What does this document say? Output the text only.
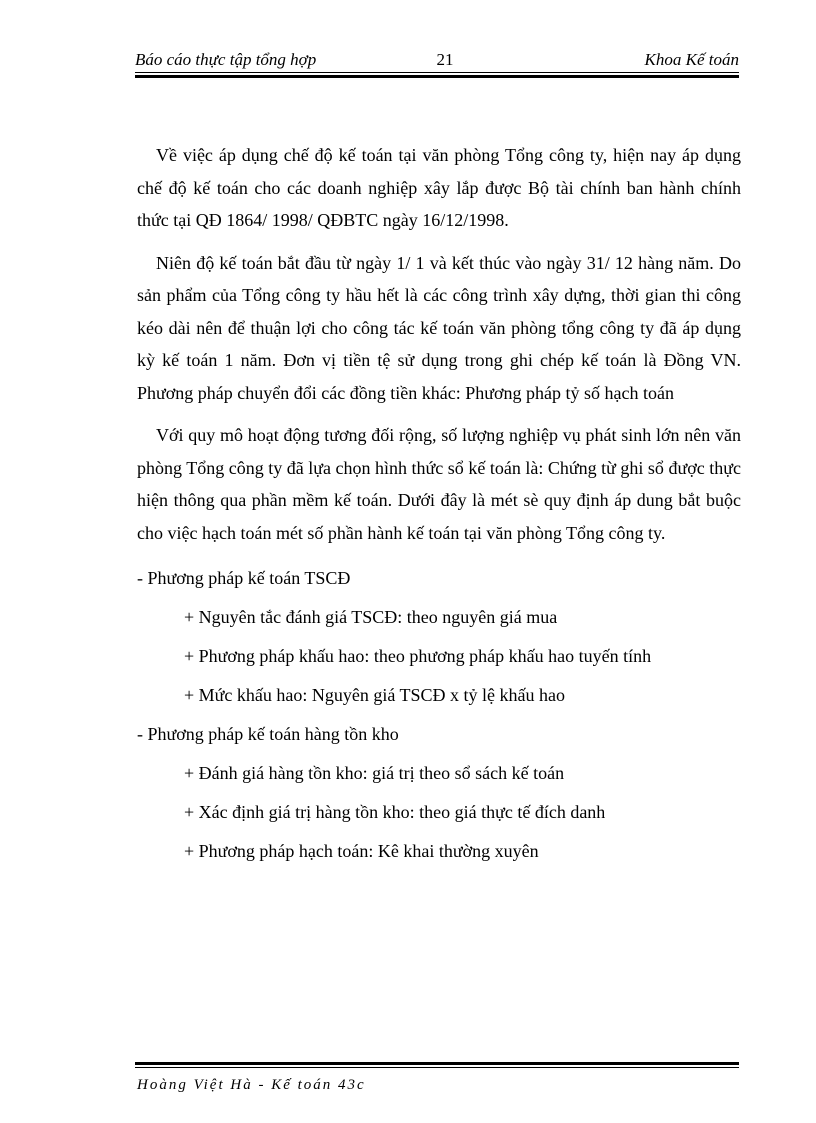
Báo cáo thực tập tổng hợp	21	Khoa Kế toán

Về việc áp dụng chế độ kế toán tại văn phòng Tổng công ty, hiện nay áp dụng chế độ kế toán cho các doanh nghiệp xây lắp được Bộ tài chính ban hành chính thức tại QĐ 1864/ 1998/ QĐBTC ngày 16/12/1998.

Niên độ kế toán bắt đầu từ ngày 1/ 1 và kết thúc vào ngày 31/ 12 hàng năm. Do sản phẩm của Tổng công ty hầu hết là các công trình xây dựng, thời gian thi công kéo dài nên để thuận lợi cho công tác kế toán văn phòng tổng công ty đã áp dụng kỳ kế toán 1 năm. Đơn vị tiền tệ sử dụng trong ghi chép kế toán là Đồng VN. Phương pháp chuyển đổi các đồng tiền khác: Phương pháp tỷ số hạch toán

Với quy mô hoạt động tương đối rộng, số lượng nghiệp vụ phát sinh lớn nên văn phòng Tổng công ty đã lựa chọn hình thức sổ kế toán là: Chứng từ ghi sổ được thực hiện thông qua phần mềm kế toán. Dưới đây là mét sè quy định áp dung bắt buộc cho việc hạch toán mét số phần hành kế toán tại văn phòng Tổng công ty.

- Phương pháp kế toán TSCĐ

+ Nguyên tắc đánh giá TSCĐ: theo nguyên giá mua

+ Phương pháp khấu hao: theo phương pháp khấu hao tuyến tính

+ Mức khấu hao: Nguyên giá TSCĐ x tỷ lệ khấu hao

- Phương pháp kế toán hàng tồn kho

+ Đánh giá hàng tồn kho: giá trị theo sổ sách kế toán

+ Xác định giá trị hàng tồn kho: theo giá thực tế đích danh

+ Phương pháp hạch toán: Kê khai thường xuyên

Hoàng Việt Hà - Kế toán 43c
